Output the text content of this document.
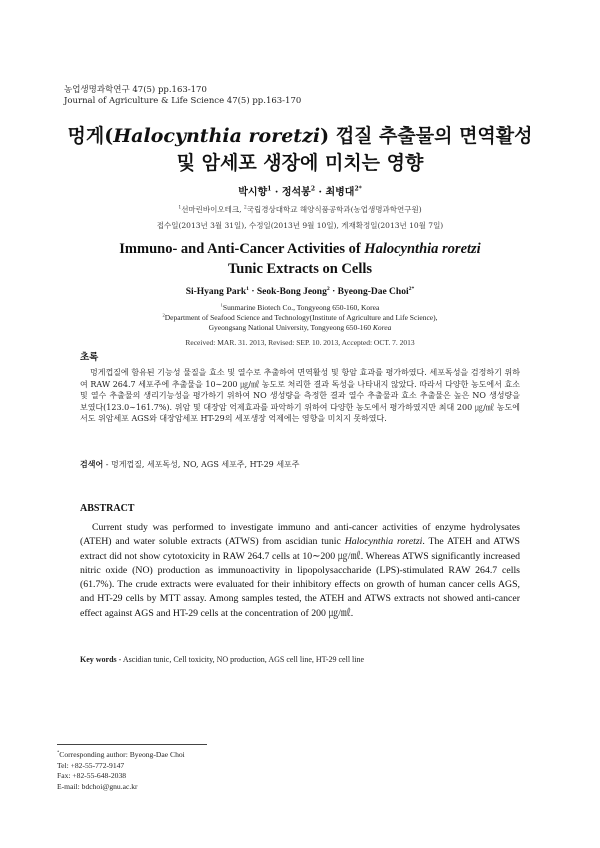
농업생명과학연구 47(5) pp.163-170
Journal of Agriculture & Life Science 47(5) pp.163-170
멍게(Halocynthia roretzi) 껍질 추출물의 면역활성
및 암세포 생장에 미치는 영향
박시향$^1$ · 정석봉$^2$ · 최병대$^{2*}$
$^1$선마린바이오테크, $^2$국립경상대학교 해양식품공학과(농업생명과학연구원)
접수일(2013년 3월 31일), 수정일(2013년 9월 10일), 게재확정일(2013년 10월 7일)
Immuno- and Anti-Cancer Activities of Halocynthia roretzi
Tunic Extracts on Cells
Si-Hyang Park$^1$ · Seok-Bong Jeong$^2$ · Byeong-Dae Choi$^{2*}$
$^1$Sunmarine Biotech Co., Tongyeong 650-160, Korea
$^2$Department of Seafood Science and Technology(Institute of Agriculture and Life Science),
Gyeongsang National University, Tongyeong 650-160 Korea
Received: MAR. 31. 2013, Revised: SEP. 10. 2013, Accepted: OCT. 7. 2013
초록
멍게껍질에 함유된 기능성 물질을 효소 및 열수로 추출하여 면역활성 및 항암 효과를 평가하였다. 세포독성을 검정하기 위하여 RAW 264.7 세포주에 추출물을 10∼200 ㎍/㎖ 농도로 처리한 결과 독성을 나타내지 않았다. 따라서 다양한 농도에서 효소 및 열수 추출물의 생리기능성을 평가하기 위하여 NO 생성량을 측정한 결과 열수 추출물과 효소 추출물은 높은 NO 생성량을 보였다(123.0∼161.7%). 위암 및 대장암 억제효과를 파악하기 위하여 다양한 농도에서 평가하였지만 최대 200 ㎍/㎖ 농도에서도 위암세포 AGS와 대장암세포 HT-29의 세포생장 억제에는 영향을 미치지 못하였다.
검색어 - 멍게껍질, 세포독성, NO, AGS 세포주, HT-29 세포주
ABSTRACT

Current study was performed to investigate immuno and anti-cancer activities of enzyme hydrolysates (ATEH) and water soluble extracts (ATWS) from ascidian tunic Halocynthia roretzi. The ATEH and ATWS extract did not show cytotoxicity in RAW 264.7 cells at 10∼200 ㎍/㎖. Whereas ATWS significantly increased nitric oxide (NO) production as immunoactivity in lipopolysaccharide (LPS)-stimulated RAW 264.7 cells (61.7%). The crude extracts were evaluated for their inhibitory effects on growth of human cancer cells AGS, and HT-29 cells by MTT assay. Among samples tested, the ATEH and ATWS extracts not showed anti-cancer effect against AGS and HT-29 cells at the concentration of 200 ㎍/㎖.

Key words - Ascidian tunic, Cell toxicity, NO production, AGS cell line, HT-29 cell line
*Corresponding author: Byeong-Dae Choi
Tel: +82-55-772-9147
Fax: +82-55-648-2038
E-mail: bdchoi@gnu.ac.kr
